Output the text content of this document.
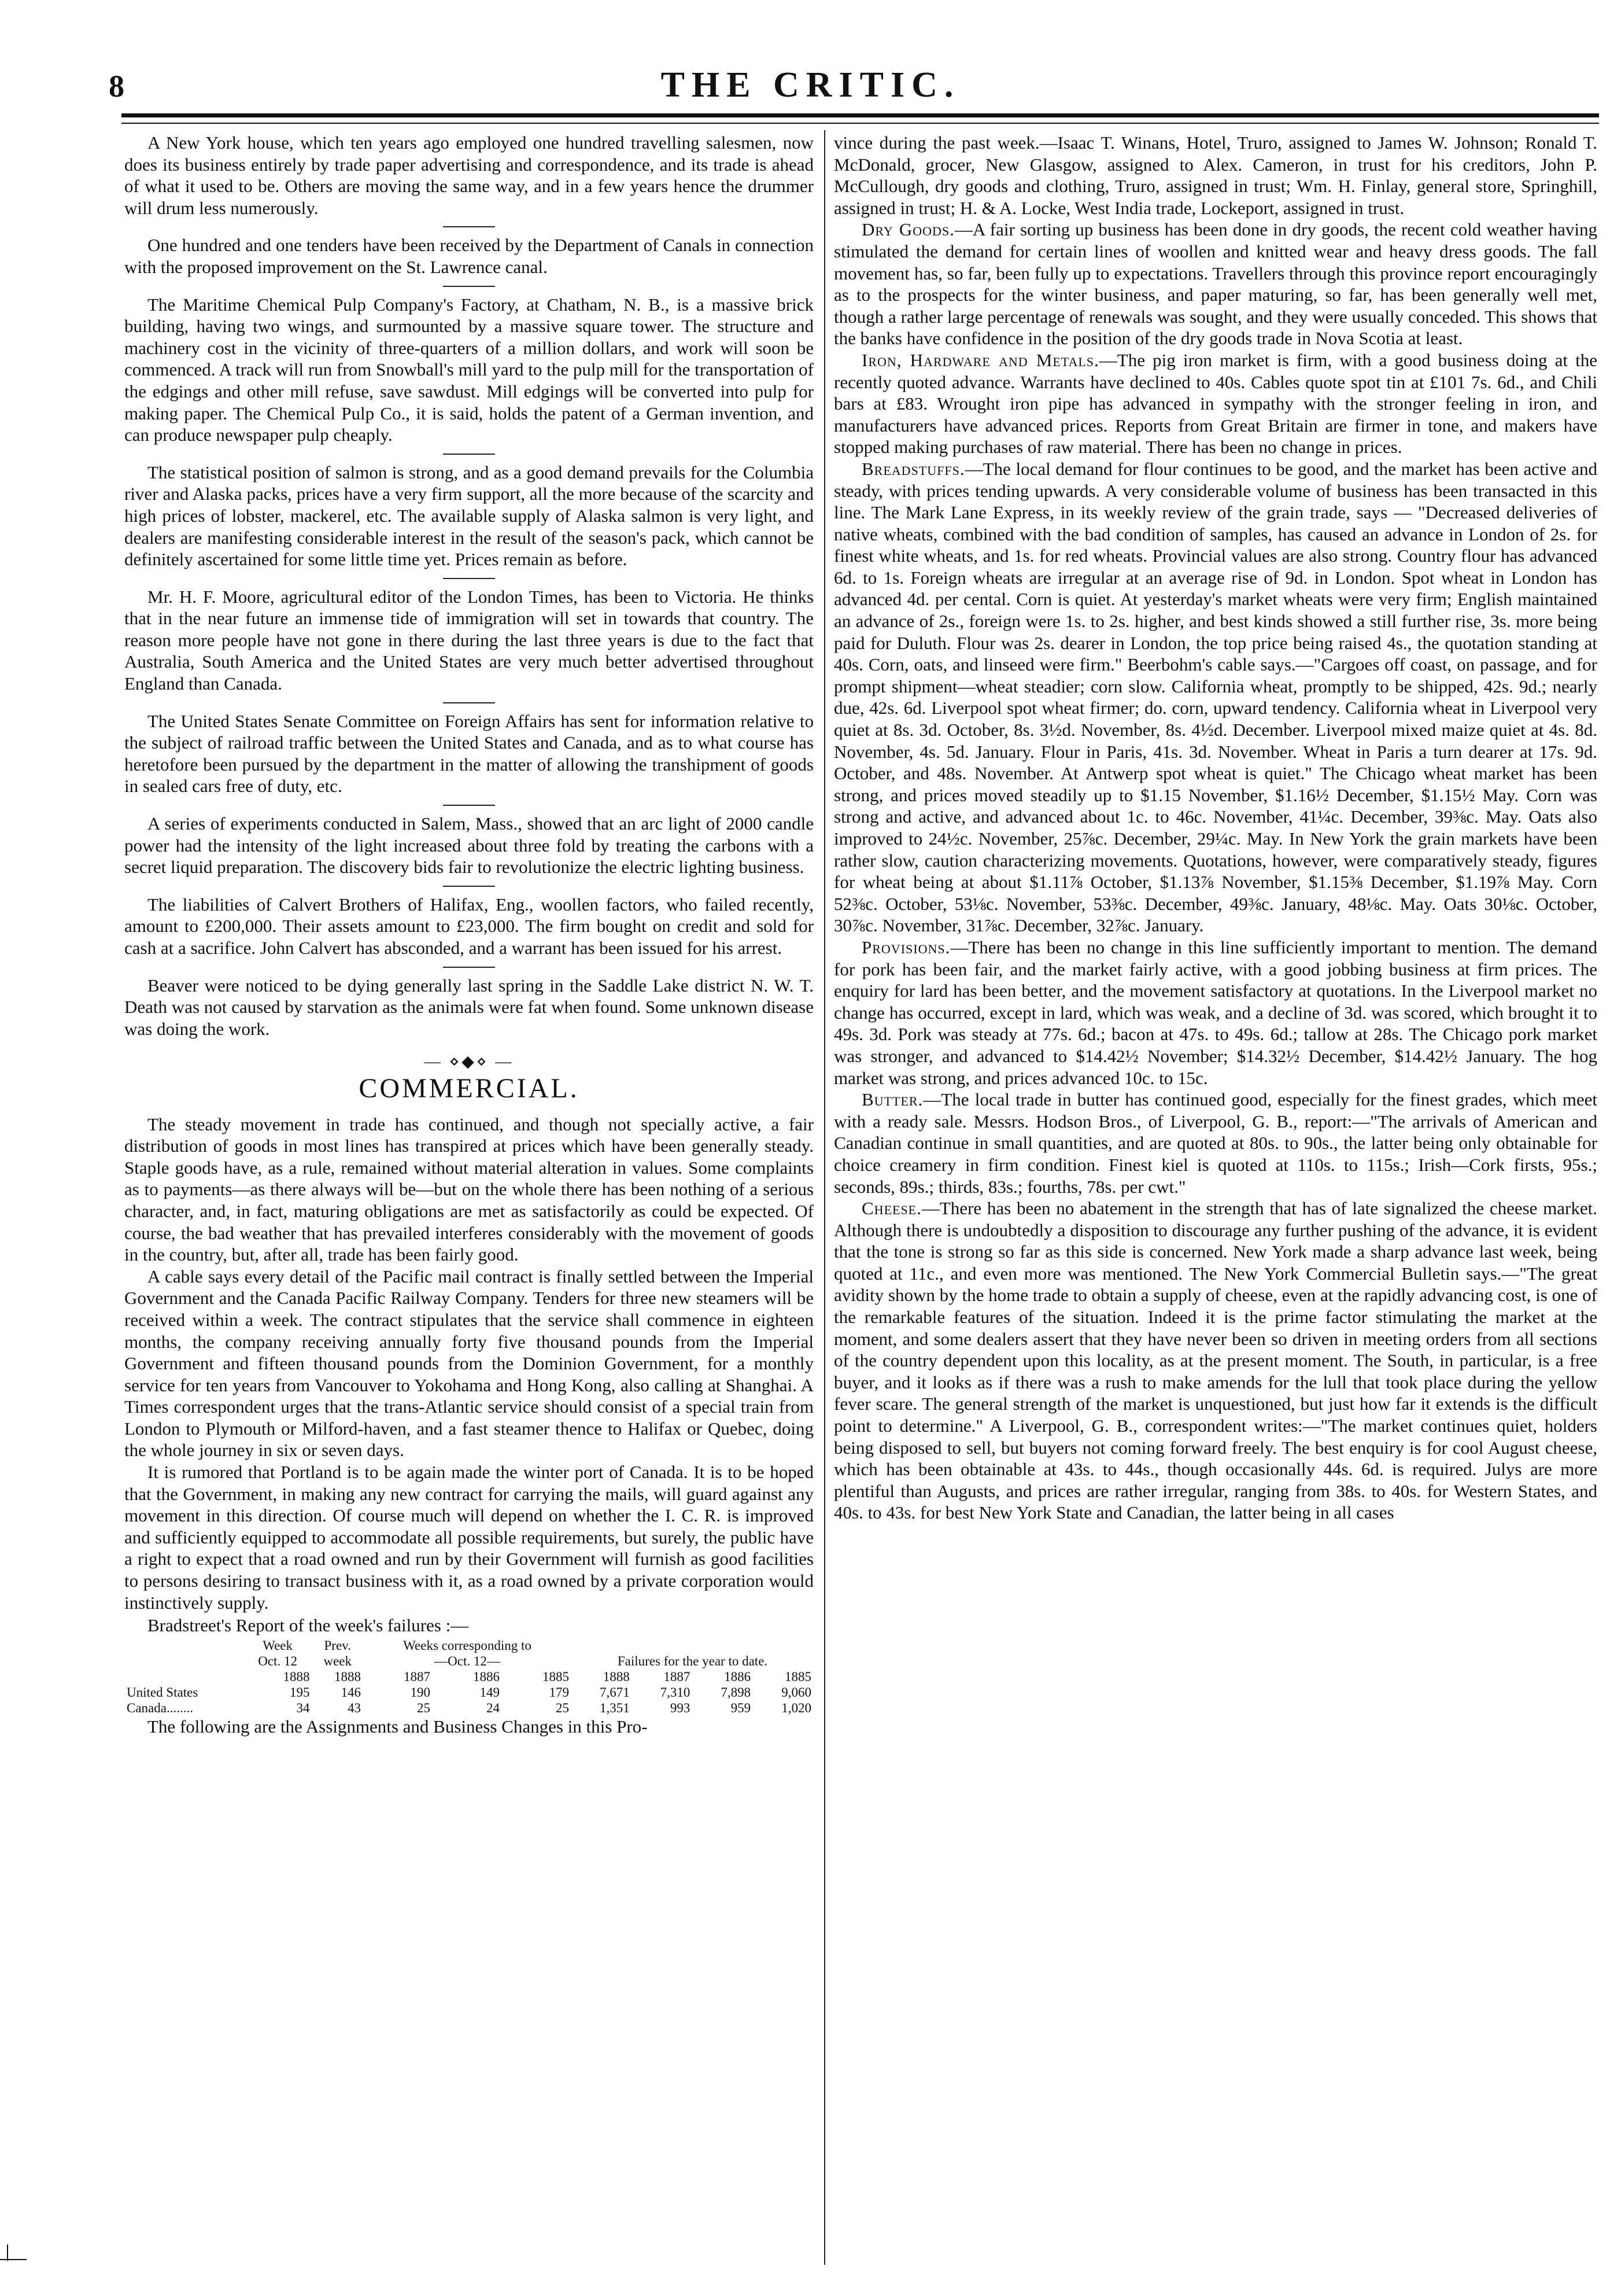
8	THE CRITIC.

A New York house, which ten years ago employed one hundred travelling salesmen, now does its business entirely by trade paper advertising and correspondence, and its trade is ahead of what it used to be. Others are moving the same way, and in a few years hence the drummer will drum less numerously.

One hundred and one tenders have been received by the Department of Canals in connection with the proposed improvement on the St. Lawrence canal.

The Maritime Chemical Pulp Company's Factory, at Chatham, N. B., is a massive brick building, having two wings, and surmounted by a massive square tower. The structure and machinery cost in the vicinity of three-quarters of a million dollars, and work will soon be commenced. A track will run from Snowball's mill yard to the pulp mill for the transportation of the edgings and other mill refuse, save sawdust. Mill edgings will be converted into pulp for making paper. The Chemical Pulp Co., it is said, holds the patent of a German invention, and can produce newspaper pulp cheaply.

The statistical position of salmon is strong, and as a good demand prevails for the Columbia river and Alaska packs, prices have a very firm support, all the more because of the scarcity and high prices of lobster, mackerel, etc. The available supply of Alaska salmon is very light, and dealers are manifesting considerable interest in the result of the season's pack, which cannot be definitely ascertained for some little time yet. Prices remain as before.

Mr. H. F. Moore, agricultural editor of the London Times, has been to Victoria. He thinks that in the near future an immense tide of immigration will set in towards that country. The reason more people have not gone in there during the last three years is due to the fact that Australia, South America and the United States are very much better advertised throughout England than Canada.

The United States Senate Committee on Foreign Affairs has sent for information relative to the subject of railroad traffic between the United States and Canada, and as to what course has heretofore been pursued by the department in the matter of allowing the transhipment of goods in sealed cars free of duty, etc.

A series of experiments conducted in Salem, Mass., showed that an arc light of 2000 candle power had the intensity of the light increased about three fold by treating the carbons with a secret liquid preparation. The discovery bids fair to revolutionize the electric lighting business.

The liabilities of Calvert Brothers of Halifax, Eng., woollen factors, who failed recently, amount to £200,000. Their assets amount to £23,000. The firm bought on credit and sold for cash at a sacrifice. John Calvert has absconded, and a warrant has been issued for his arrest.

Beaver were noticed to be dying generally last spring in the Saddle Lake district N. W. T. Death was not caused by starvation as the animals were fat when found. Some unknown disease was doing the work.

— ⋄◆⋄ —
COMMERCIAL.

The steady movement in trade has continued, and though not specially active, a fair distribution of goods in most lines has transpired at prices which have been generally steady. Staple goods have, as a rule, remained without material alteration in values. Some complaints as to payments—as there always will be—but on the whole there has been nothing of a serious character, and, in fact, maturing obligations are met as satisfactorily as could be expected. Of course, the bad weather that has prevailed interferes considerably with the movement of goods in the country, but, after all, trade has been fairly good.

A cable says every detail of the Pacific mail contract is finally settled between the Imperial Government and the Canada Pacific Railway Company. Tenders for three new steamers will be received within a week. The contract stipulates that the service shall commence in eighteen months, the company receiving annually forty five thousand pounds from the Imperial Government and fifteen thousand pounds from the Dominion Government, for a monthly service for ten years from Vancouver to Yokohama and Hong Kong, also calling at Shanghai. A Times correspondent urges that the trans-Atlantic service should consist of a special train from London to Plymouth or Milford-haven, and a fast steamer thence to Halifax or Quebec, doing the whole journey in six or seven days.

It is rumored that Portland is to be again made the winter port of Canada. It is to be hoped that the Government, in making any new contract for carrying the mails, will guard against any movement in this direction. Of course much will depend on whether the I. C. R. is improved and sufficiently equipped to accommodate all possible requirements, but surely, the public have a right to expect that a road owned and run by their Government will furnish as good facilities to persons desiring to transact business with it, as a road owned by a private corporation would instinctively supply.

Bradstreet's Report of the week's failures :—

	Week	Prev.	Weeks corresponding to						
	Oct. 12	week	—Oct. 12—			Failures for the year to date.			
	1888	1888	1887	1886	1885	1888	1887	1886	1885
United States	195	146	190	149	179	7,671	7,310	7,898	9,060
Canada........	34	43	25	24	25	1,351	993	959	1,020

The following are the Assignments and Business Changes in this Pro-

vince during the past week.—Isaac T. Winans, Hotel, Truro, assigned to James W. Johnson; Ronald T. McDonald, grocer, New Glasgow, assigned to Alex. Cameron, in trust for his creditors, John P. McCullough, dry goods and clothing, Truro, assigned in trust; Wm. H. Finlay, general store, Springhill, assigned in trust; H. & A. Locke, West India trade, Lockeport, assigned in trust.

Dry Goods.—A fair sorting up business has been done in dry goods, the recent cold weather having stimulated the demand for certain lines of woollen and knitted wear and heavy dress goods. The fall movement has, so far, been fully up to expectations. Travellers through this province report encouragingly as to the prospects for the winter business, and paper maturing, so far, has been generally well met, though a rather large percentage of renewals was sought, and they were usually conceded. This shows that the banks have confidence in the position of the dry goods trade in Nova Scotia at least.

Iron, Hardware and Metals.—The pig iron market is firm, with a good business doing at the recently quoted advance. Warrants have declined to 40s. Cables quote spot tin at £101 7s. 6d., and Chili bars at £83. Wrought iron pipe has advanced in sympathy with the stronger feeling in iron, and manufacturers have advanced prices. Reports from Great Britain are firmer in tone, and makers have stopped making purchases of raw material. There has been no change in prices.

Breadstuffs.—The local demand for flour continues to be good, and the market has been active and steady, with prices tending upwards. A very considerable volume of business has been transacted in this line. The Mark Lane Express, in its weekly review of the grain trade, says — "Decreased deliveries of native wheats, combined with the bad condition of samples, has caused an advance in London of 2s. for finest white wheats, and 1s. for red wheats. Provincial values are also strong. Country flour has advanced 6d. to 1s. Foreign wheats are irregular at an average rise of 9d. in London. Spot wheat in London has advanced 4d. per cental. Corn is quiet. At yesterday's market wheats were very firm; English maintained an advance of 2s., foreign were 1s. to 2s. higher, and best kinds showed a still further rise, 3s. more being paid for Duluth. Flour was 2s. dearer in London, the top price being raised 4s., the quotation standing at 40s. Corn, oats, and linseed were firm." Beerbohm's cable says.—"Cargoes off coast, on passage, and for prompt shipment—wheat steadier; corn slow. California wheat, promptly to be shipped, 42s. 9d.; nearly due, 42s. 6d. Liverpool spot wheat firmer; do. corn, upward tendency. California wheat in Liverpool very quiet at 8s. 3d. October, 8s. 3½d. November, 8s. 4½d. December. Liverpool mixed maize quiet at 4s. 8d. November, 4s. 5d. January. Flour in Paris, 41s. 3d. November. Wheat in Paris a turn dearer at 17s. 9d. October, and 48s. November. At Antwerp spot wheat is quiet." The Chicago wheat market has been strong, and prices moved steadily up to $1.15 November, $1.16½ December, $1.15½ May. Corn was strong and active, and advanced about 1c. to 46c. November, 41¼c. December, 39⅜c. May. Oats also improved to 24½c. November, 25⅞c. December, 29¼c. May. In New York the grain markets have been rather slow, caution characterizing movements. Quotations, however, were comparatively steady, figures for wheat being at about $1.11⅞ October, $1.13⅞ November, $1.15⅜ December, $1.19⅞ May. Corn 52⅜c. October, 53⅛c. November, 53⅜c. December, 49⅜c. January, 48⅛c. May. Oats 30⅛c. October, 30⅞c. November, 31⅞c. December, 32⅞c. January.

Provisions.—There has been no change in this line sufficiently important to mention. The demand for pork has been fair, and the market fairly active, with a good jobbing business at firm prices. The enquiry for lard has been better, and the movement satisfactory at quotations. In the Liverpool market no change has occurred, except in lard, which was weak, and a decline of 3d. was scored, which brought it to 49s. 3d. Pork was steady at 77s. 6d.; bacon at 47s. to 49s. 6d.; tallow at 28s. The Chicago pork market was stronger, and advanced to $14.42½ November; $14.32½ December, $14.42½ January. The hog market was strong, and prices advanced 10c. to 15c.

Butter.—The local trade in butter has continued good, especially for the finest grades, which meet with a ready sale. Messrs. Hodson Bros., of Liverpool, G. B., report:—"The arrivals of American and Canadian continue in small quantities, and are quoted at 80s. to 90s., the latter being only obtainable for choice creamery in firm condition. Finest kiel is quoted at 110s. to 115s.; Irish—Cork firsts, 95s.; seconds, 89s.; thirds, 83s.; fourths, 78s. per cwt."

Cheese.—There has been no abatement in the strength that has of late signalized the cheese market. Although there is undoubtedly a disposition to discourage any further pushing of the advance, it is evident that the tone is strong so far as this side is concerned. New York made a sharp advance last week, being quoted at 11c., and even more was mentioned. The New York Commercial Bulletin says.—"The great avidity shown by the home trade to obtain a supply of cheese, even at the rapidly advancing cost, is one of the remarkable features of the situation. Indeed it is the prime factor stimulating the market at the moment, and some dealers assert that they have never been so driven in meeting orders from all sections of the country dependent upon this locality, as at the present moment. The South, in particular, is a free buyer, and it looks as if there was a rush to make amends for the lull that took place during the yellow fever scare. The general strength of the market is unquestioned, but just how far it extends is the difficult point to determine." A Liverpool, G. B., correspondent writes:—"The market continues quiet, holders being disposed to sell, but buyers not coming forward freely. The best enquiry is for cool August cheese, which has been obtainable at 43s. to 44s., though occasionally 44s. 6d. is required. Julys are more plentiful than Augusts, and prices are rather irregular, ranging from 38s. to 40s. for Western States, and 40s. to 43s. for best New York State and Canadian, the latter being in all cases
